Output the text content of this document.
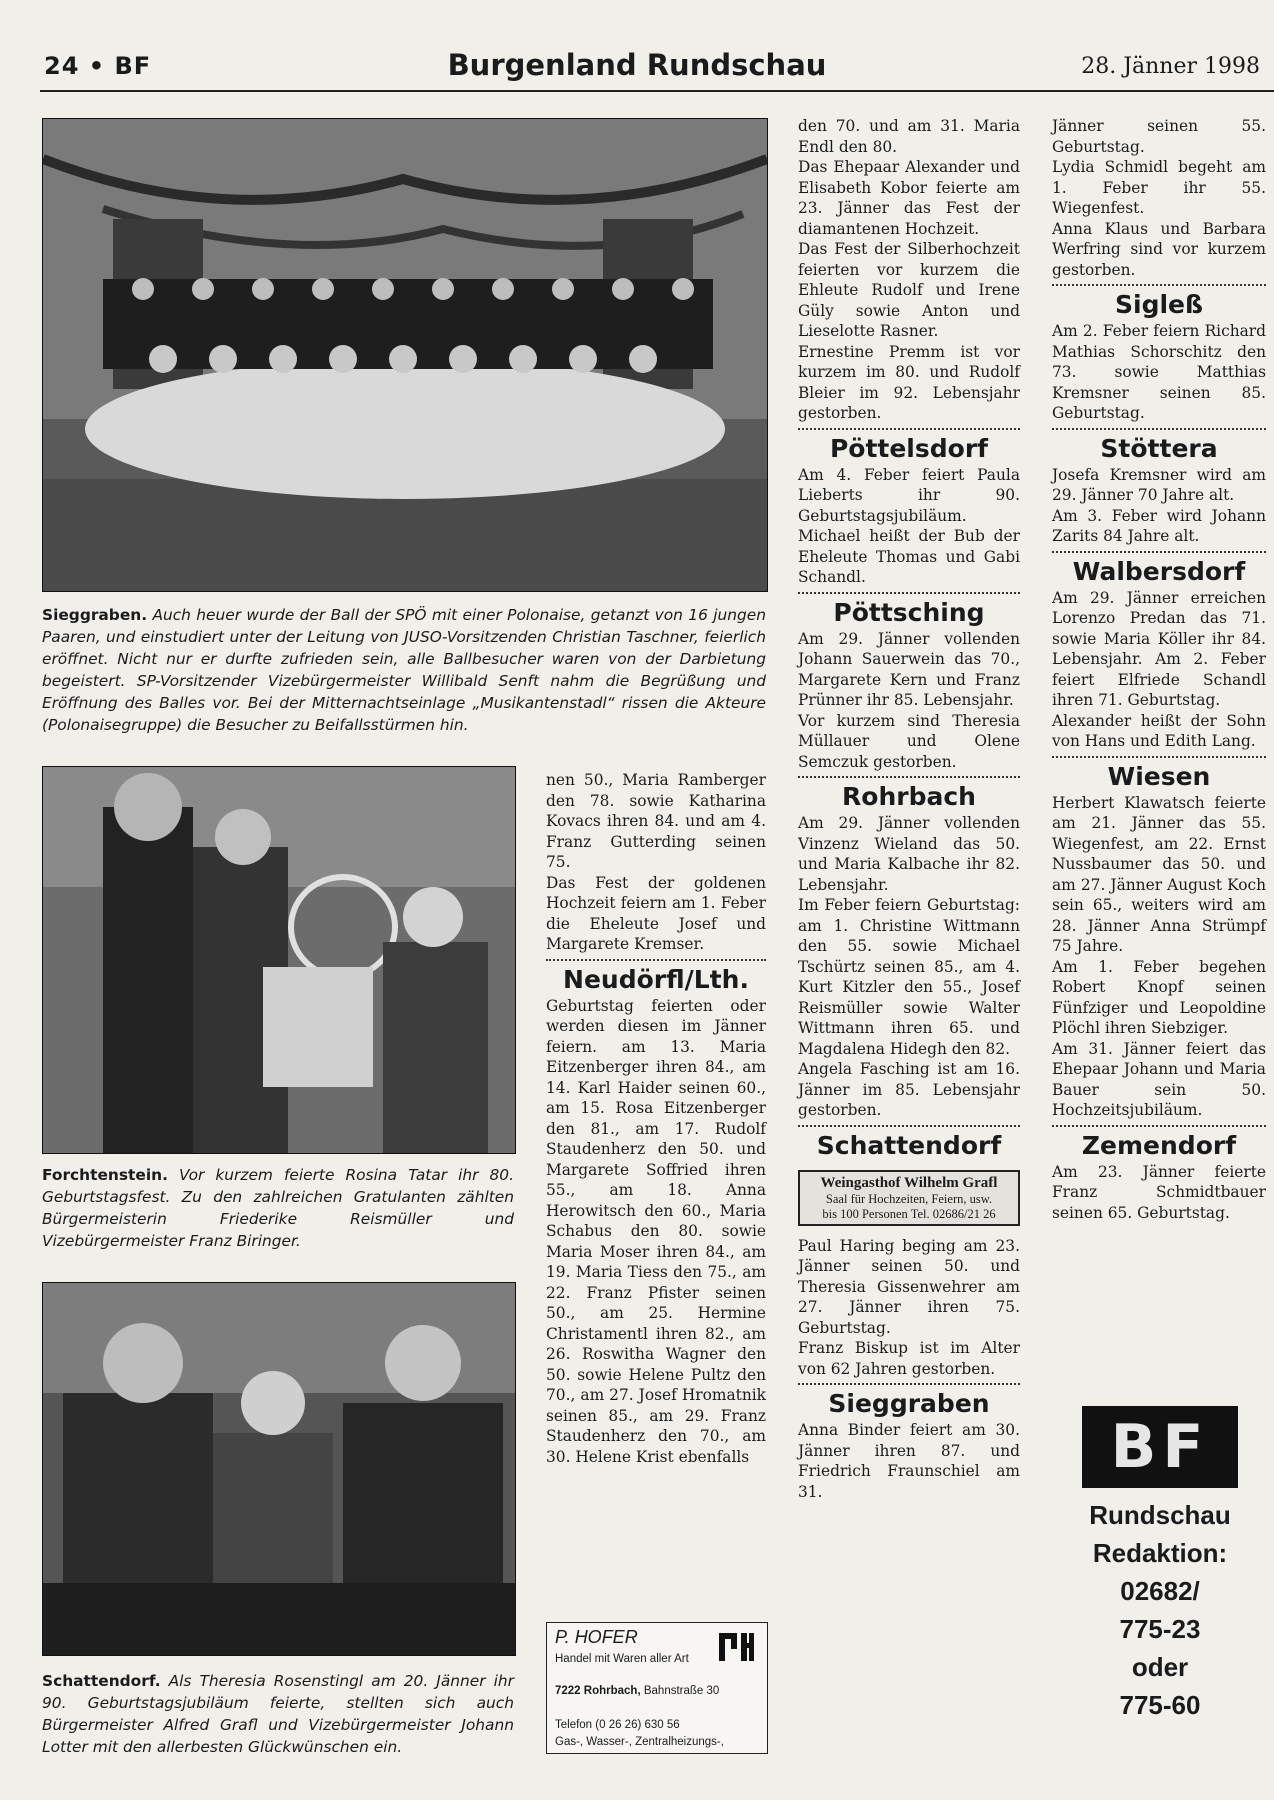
24 • BF	Burgenland Rundschau	28. Jänner 1998
Sieggraben. Auch heuer wurde der Ball der SPÖ mit einer Polonaise, getanzt von 16 jungen Paaren, und einstudiert unter der Leitung von JUSO-Vorsitzenden Christian Taschner, feierlich eröffnet. Nicht nur er durfte zufrieden sein, alle Ballbesucher waren von der Darbietung begeistert. SP-Vorsitzender Vizebürgermeister Willibald Senft nahm die Begrüßung und Eröffnung des Balles vor. Bei der Mitternachtseinlage „Musikantenstadl“ rissen die Akteure (Polonaisegruppe) die Besucher zu Beifallsstürmen hin.
Forchtenstein. Vor kurzem feierte Rosina Tatar ihr 80. Geburtstagsfest. Zu den zahlreichen Gratulanten zählten Bürgermeisterin Friederike Reismüller und Vizebürgermeister Franz Biringer.
Schattendorf. Als Theresia Rosenstingl am 20. Jänner ihr 90. Geburtstagsjubiläum feierte, stellten sich auch Bürgermeister Alfred Grafl und Vizebürgermeister Johann Lotter mit den allerbesten Glückwünschen ein.

nen 50., Maria Ramberger den 78. sowie Katharina Kovacs ihren 84. und am 4. Franz Gutterding seinen 75.

Das Fest der goldenen Hochzeit feiern am 1. Feber die Eheleute Josef und Margarete Kremser.

Neudörfl/Lth.

Geburtstag feierten oder werden diesen im Jänner feiern. am 13. Maria Eitzenberger ihren 84., am 14. Karl Haider seinen 60., am 15. Rosa Eitzenberger den 81., am 17. Rudolf Staudenherz den 50. und Margarete Soffried ihren 55., am 18. Anna Herowitsch den 60., Maria Schabus den 80. sowie Maria Moser ihren 84., am 19. Maria Tiess den 75., am 22. Franz Pfister seinen 50., am 25. Hermine Christamentl ihren 82., am 26. Roswitha Wagner den 50. sowie Helene Pultz den 70., am 27. Josef Hromatnik seinen 85., am 29. Franz Staudenherz den 70., am 30. Helene Krist ebenfalls

P. HOFER
Handel mit Waren aller Art
7222 Rohrbach, Bahnstraße 30
Telefon (0 26 26) 630 56
Gas-, Wasser-, Zentralheizungs-,

den 70. und am 31. Maria Endl den 80.

Das Ehepaar Alexander und Elisabeth Kobor feierte am 23. Jänner das Fest der diamantenen Hochzeit.

Das Fest der Silberhochzeit feierten vor kurzem die Ehleute Rudolf und Irene Güly sowie Anton und Lieselotte Rasner.

Ernestine Premm ist vor kurzem im 80. und Rudolf Bleier im 92. Lebensjahr gestorben.

Pöttelsdorf

Am 4. Feber feiert Paula Lieberts ihr 90. Geburtstagsjubiläum.

Michael heißt der Bub der Eheleute Thomas und Gabi Schandl.

Pöttsching

Am 29. Jänner vollenden Johann Sauerwein das 70., Margarete Kern und Franz Prünner ihr 85. Lebensjahr.

Vor kurzem sind Theresia Müllauer und Olene Semczuk gestorben.

Rohrbach

Am 29. Jänner vollenden Vinzenz Wieland das 50. und Maria Kalbache ihr 82. Lebensjahr.

Im Feber feiern Geburtstag: am 1. Christine Wittmann den 55. sowie Michael Tschürtz seinen 85., am 4. Kurt Kitzler den 55., Josef Reismüller sowie Walter Wittmann ihren 65. und Magdalena Hidegh den 82.

Angela Fasching ist am 16. Jänner im 85. Lebensjahr gestorben.

Schattendorf
Weingasthof Wilhelm Grafl
Saal für Hochzeiten, Feiern, usw.
bis 100 Personen Tel. 02686/21 26

Paul Haring beging am 23. Jänner seinen 50. und Theresia Gissenwehrer am 27. Jänner ihren 75. Geburtstag.

Franz Biskup ist im Alter von 62 Jahren gestorben.

Sieggraben

Anna Binder feiert am 30. Jänner ihren 87. und Friedrich Fraunschiel am 31.

Jänner seinen 55. Geburtstag.

Lydia Schmidl begeht am 1. Feber ihr 55. Wiegenfest.

Anna Klaus und Barbara Werfring sind vor kurzem gestorben.

Sigleß

Am 2. Feber feiern Richard Mathias Schorschitz den 73. sowie Matthias Kremsner seinen 85. Geburtstag.

Stöttera

Josefa Kremsner wird am 29. Jänner 70 Jahre alt.

Am 3. Feber wird Johann Zarits 84 Jahre alt.

Walbersdorf

Am 29. Jänner erreichen Lorenzo Predan das 71. sowie Maria Köller ihr 84. Lebensjahr. Am 2. Feber feiert Elfriede Schandl ihren 71. Geburtstag.

Alexander heißt der Sohn von Hans und Edith Lang.

Wiesen

Herbert Klawatsch feierte am 21. Jänner das 55. Wiegenfest, am 22. Ernst Nussbaumer das 50. und am 27. Jänner August Koch sein 65., weiters wird am 28. Jänner Anna Strümpf 75 Jahre.

Am 1. Feber begehen Robert Knopf seinen Fünfziger und Leopoldine Plöchl ihren Siebziger.

Am 31. Jänner feiert das Ehepaar Johann und Maria Bauer sein 50. Hochzeitsjubiläum.

Zemendorf

Am 23. Jänner feierte Franz Schmidtbauer seinen 65. Geburtstag.

BF
Rundschau
Redaktion:
02682/
775-23
oder
775-60
